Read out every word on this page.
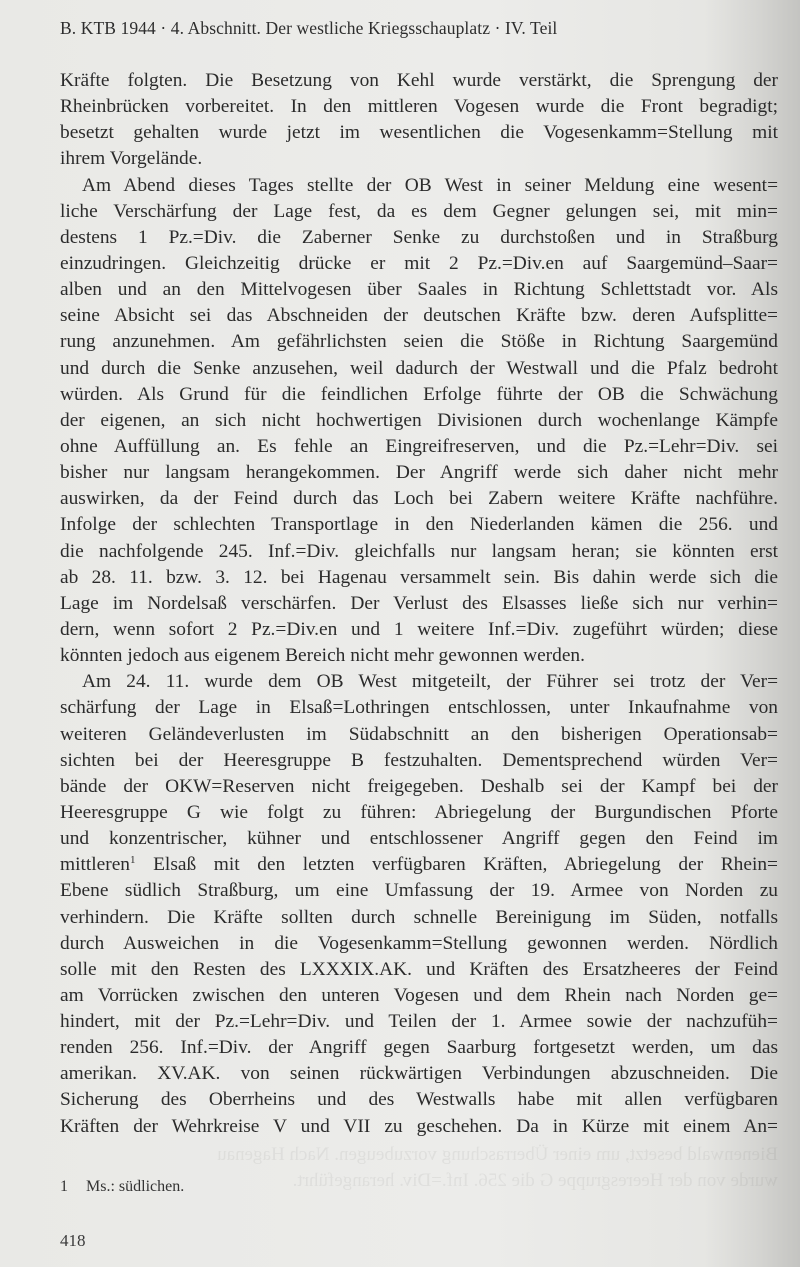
Bienenwald besetzt, um einer Überraschung vorzubeugen. Nach Hagenau
wurde von der Heeresgruppe G die 256. Inf.=Div. herangeführt.
B. KTB 1944 · 4. Abschnitt. Der westliche Kriegsschauplatz · IV. Teil
Kräfte folgten. Die Besetzung von Kehl wurde verstärkt, die Sprengung der
Rheinbrücken vorbereitet. In den mittleren Vogesen wurde die Front begradigt;
besetzt gehalten wurde jetzt im wesentlichen die Vogesenkamm=Stellung mit
ihrem Vorgelände.
Am Abend dieses Tages stellte der OB West in seiner Meldung eine wesent=
liche Verschärfung der Lage fest, da es dem Gegner gelungen sei, mit min=
destens 1 Pz.=Div. die Zaberner Senke zu durchstoßen und in Straßburg
einzudringen. Gleichzeitig drücke er mit 2 Pz.=Div.en auf Saargemünd–Saar=
alben und an den Mittelvogesen über Saales in Richtung Schlettstadt vor. Als
seine Absicht sei das Abschneiden der deutschen Kräfte bzw. deren Aufsplitte=
rung anzunehmen. Am gefährlichsten seien die Stöße in Richtung Saargemünd
und durch die Senke anzusehen, weil dadurch der Westwall und die Pfalz bedroht
würden. Als Grund für die feindlichen Erfolge führte der OB die Schwächung
der eigenen, an sich nicht hochwertigen Divisionen durch wochenlange Kämpfe
ohne Auffüllung an. Es fehle an Eingreifreserven, und die Pz.=Lehr=Div. sei
bisher nur langsam herangekommen. Der Angriff werde sich daher nicht mehr
auswirken, da der Feind durch das Loch bei Zabern weitere Kräfte nachführe.
Infolge der schlechten Transportlage in den Niederlanden kämen die 256. und
die nachfolgende 245. Inf.=Div. gleichfalls nur langsam heran; sie könnten erst
ab 28. 11. bzw. 3. 12. bei Hagenau versammelt sein. Bis dahin werde sich die
Lage im Nordelsaß verschärfen. Der Verlust des Elsasses ließe sich nur verhin=
dern, wenn sofort 2 Pz.=Div.en und 1 weitere Inf.=Div. zugeführt würden; diese
könnten jedoch aus eigenem Bereich nicht mehr gewonnen werden.
Am 24. 11. wurde dem OB West mitgeteilt, der Führer sei trotz der Ver=
schärfung der Lage in Elsaß=Lothringen entschlossen, unter Inkaufnahme von
weiteren Geländeverlusten im Südabschnitt an den bisherigen Operationsab=
sichten bei der Heeresgruppe B festzuhalten. Dementsprechend würden Ver=
bände der OKW=Reserven nicht freigegeben. Deshalb sei der Kampf bei der
Heeresgruppe G wie folgt zu führen: Abriegelung der Burgundischen Pforte
und konzentrischer, kühner und entschlossener Angriff gegen den Feind im
mittleren$^1$ Elsaß mit den letzten verfügbaren Kräften, Abriegelung der Rhein=
Ebene südlich Straßburg, um eine Umfassung der 19. Armee von Norden zu
verhindern. Die Kräfte sollten durch schnelle Bereinigung im Süden, notfalls
durch Ausweichen in die Vogesenkamm=Stellung gewonnen werden. Nördlich
solle mit den Resten des LXXXIX.AK. und Kräften des Ersatzheeres der Feind
am Vorrücken zwischen den unteren Vogesen und dem Rhein nach Norden ge=
hindert, mit der Pz.=Lehr=Div. und Teilen der 1. Armee sowie der nachzufüh=
renden 256. Inf.=Div. der Angriff gegen Saarburg fortgesetzt werden, um das
amerikan. XV.AK. von seinen rückwärtigen Verbindungen abzuschneiden. Die
Sicherung des Oberrheins und des Westwalls habe mit allen verfügbaren
Kräften der Wehrkreise V und VII zu geschehen. Da in Kürze mit einem An=
1 Ms.: südlichen.
418
